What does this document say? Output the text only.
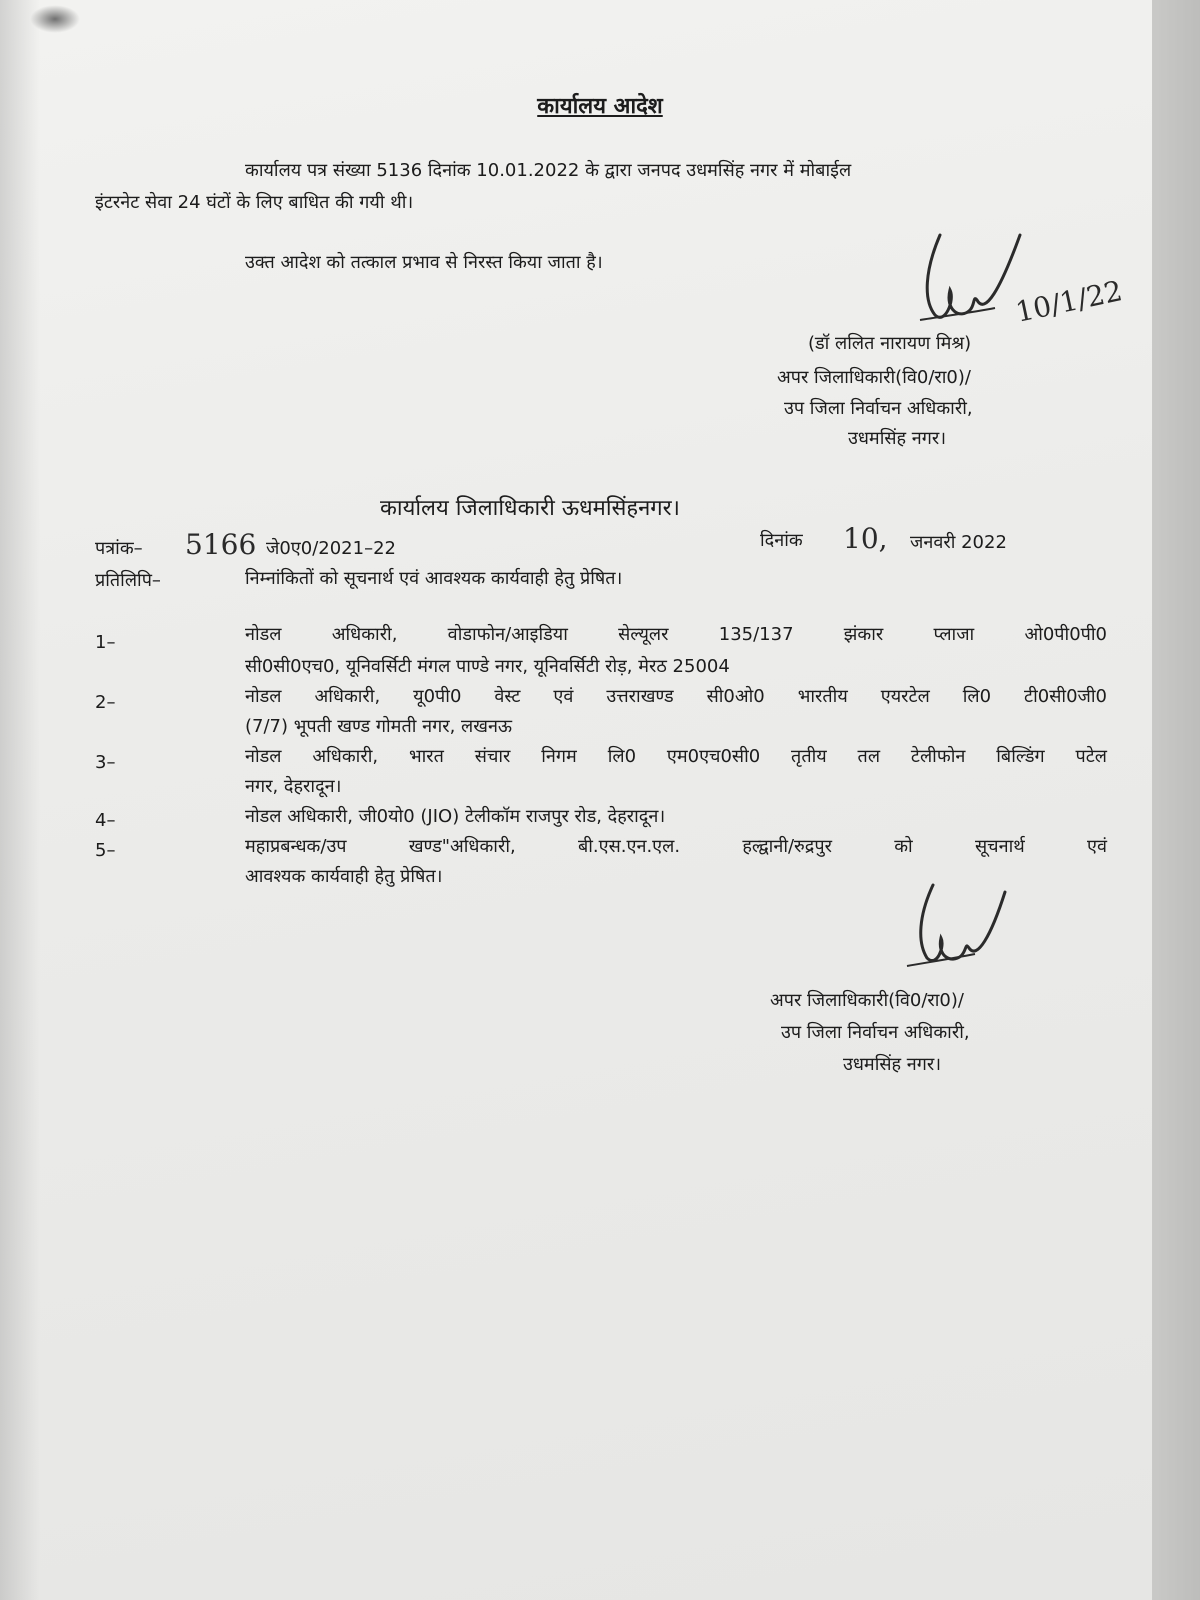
कार्यालय आदेश
कार्यालय पत्र संख्या 5136 दिनांक 10.01.2022 के द्वारा जनपद उधमसिंह नगर में मोबाईल
इंटरनेट सेवा 24 घंटों के लिए बाधित की गयी थी।
उक्त आदेश को तत्काल प्रभाव से निरस्त किया जाता है।
10/1/22
(डॉ ललित नारायण मिश्र)
अपर जिलाधिकारी(वि0/रा0)/
उप जिला निर्वाचन अधिकारी,
उधमसिंह नगर।
कार्यालय जिलाधिकारी ऊधमसिंहनगर।
पत्रांक– 5166 जे0ए0/2021–22	दिनांक 10, जनवरी 2022
प्रतिलिपि–	निम्नांकितों को सूचनार्थ एवं आवश्यक कार्यवाही हेतु प्रेषित।
1–	नोडल अधिकारी, वोडाफोन/आइडिया सेल्यूलर 135/137 झंकार प्लाजा ओ0पी0पी0
सी0सी0एच0, यूनिवर्सिटी मंगल पाण्डे नगर, यूनिवर्सिटी रोड़, मेरठ 25004
2–	नोडल अधिकारी, यू0पी0 वेस्ट एवं उत्तराखण्ड सी0ओ0 भारतीय एयरटेल लि0 टी0सी0जी0
(7/7) भूपती खण्ड गोमती नगर, लखनऊ
3–	नोडल अधिकारी, भारत संचार निगम लि0 एम0एच0सी0 तृतीय तल टेलीफोन बिल्डिंग पटेल
नगर, देहरादून।
4–	नोडल अधिकारी, जी0यो0 (JIO) टेलीकॉम राजपुर रोड, देहरादून।
5–	महाप्रबन्धक/उप खण्ड"अधिकारी, बी.एस.एन.एल. हल्द्वानी/रुद्रपुर को सूचनार्थ एवं
आवश्यक कार्यवाही हेतु प्रेषित।
अपर जिलाधिकारी(वि0/रा0)/
उप जिला निर्वाचन अधिकारी,
उधमसिंह नगर।
